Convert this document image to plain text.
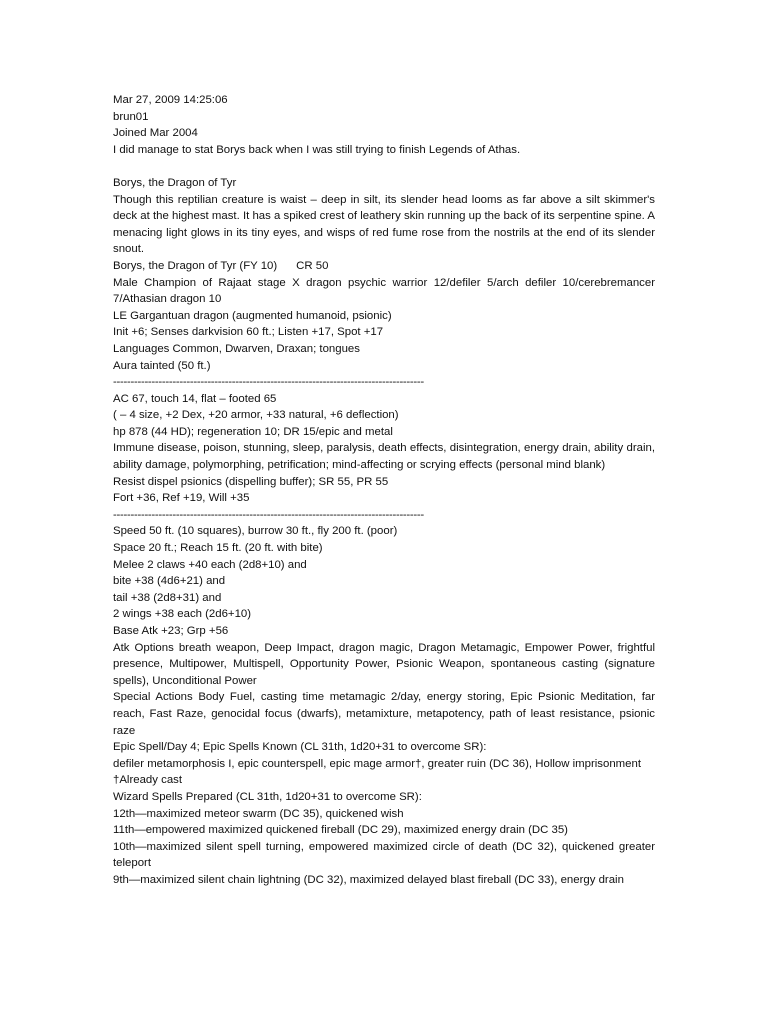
Mar 27, 2009 14:25:06
brun01
Joined Mar 2004
I did manage to stat Borys back when I was still trying to finish Legends of Athas.
Borys, the Dragon of Tyr
Though this reptilian creature is waist – deep in silt, its slender head looms as far above a silt skimmer's deck at the highest mast. It has a spiked crest of leathery skin running up the back of its serpentine spine. A menacing light glows in its tiny eyes, and wisps of red fume rose from the nostrils at the end of its slender snout.
Borys, the Dragon of Tyr (FY 10)      CR 50
Male Champion of Rajaat stage X dragon psychic warrior 12/defiler 5/arch defiler 10/cerebremancer 7/Athasian dragon 10
LE Gargantuan dragon (augmented humanoid, psionic)
Init +6; Senses darkvision 60 ft.; Listen +17, Spot +17
Languages Common, Dwarven, Draxan; tongues
Aura tainted (50 ft.)
-----------------------------------------------------------------------------------------
AC 67, touch 14, flat – footed 65
( – 4 size, +2 Dex, +20 armor, +33 natural, +6 deflection)
hp 878 (44 HD); regeneration 10; DR 15/epic and metal
Immune disease, poison, stunning, sleep, paralysis, death effects, disintegration, energy drain, ability drain, ability damage, polymorphing, petrification; mind-affecting or scrying effects (personal mind blank)
Resist dispel psionics (dispelling buffer); SR 55, PR 55
Fort +36, Ref +19, Will +35
-----------------------------------------------------------------------------------------
Speed 50 ft. (10 squares), burrow 30 ft., fly 200 ft. (poor)
Space 20 ft.; Reach 15 ft. (20 ft. with bite)
Melee 2 claws +40 each (2d8+10) and
bite +38 (4d6+21) and
tail +38 (2d8+31) and
2 wings +38 each (2d6+10)
Base Atk +23; Grp +56
Atk Options breath weapon, Deep Impact, dragon magic, Dragon Metamagic, Empower Power, frightful presence, Multipower, Multispell, Opportunity Power, Psionic Weapon, spontaneous casting (signature spells), Unconditional Power
Special Actions Body Fuel, casting time metamagic 2/day, energy storing, Epic Psionic Meditation, far reach, Fast Raze, genocidal focus (dwarfs), metamixture, metapotency, path of least resistance, psionic raze
Epic Spell/Day 4; Epic Spells Known (CL 31th, 1d20+31 to overcome SR):
defiler metamorphosis I, epic counterspell, epic mage armor†, greater ruin (DC 36), Hollow imprisonment
†Already cast
Wizard Spells Prepared (CL 31th, 1d20+31 to overcome SR):
12th—maximized meteor swarm (DC 35), quickened wish
11th—empowered maximized quickened fireball (DC 29), maximized energy drain (DC 35)
10th—maximized silent spell turning, empowered maximized circle of death (DC 32), quickened greater teleport
9th—maximized silent chain lightning (DC 32), maximized delayed blast fireball (DC 33), energy drain
